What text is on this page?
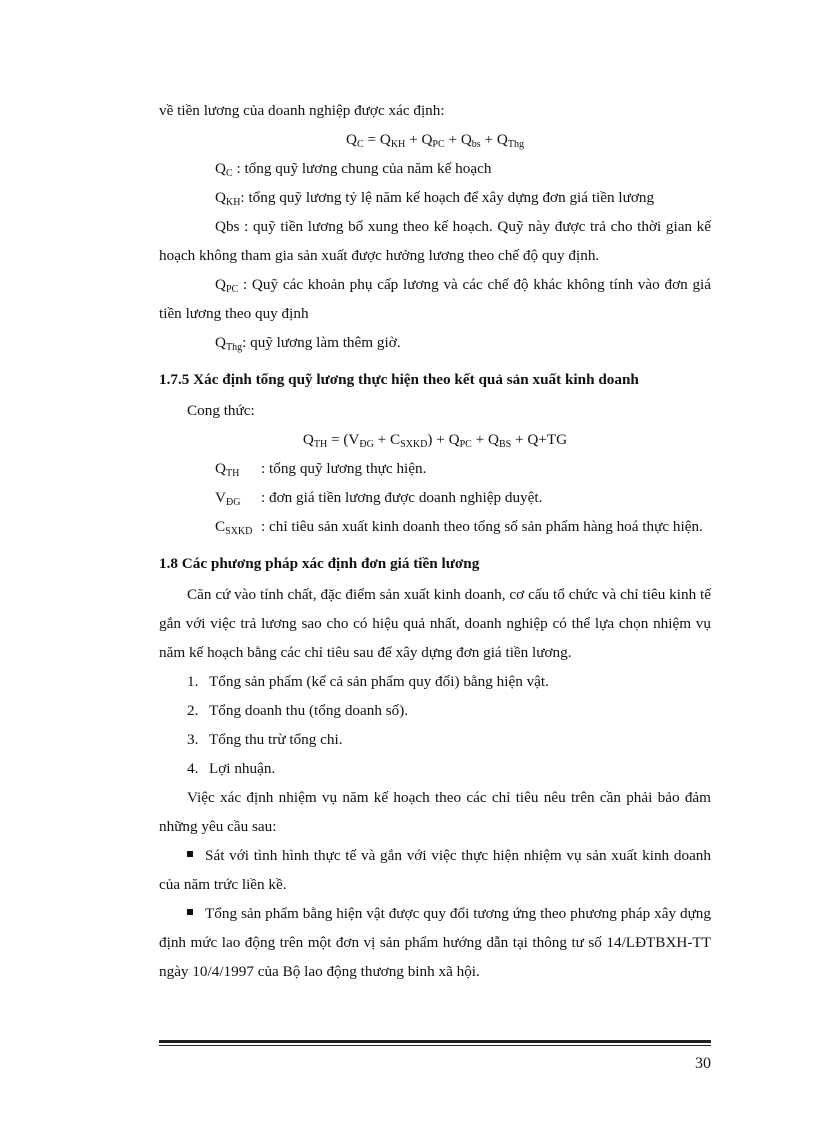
về tiền lương của doanh nghiệp được xác định:

$Q_C = Q_{KH} + Q_{PC} + Q_{bs} + Q_{Thg}$

$Q_C$ : tổng quỹ lương chung của năm kế hoạch

$Q_{KH}$: tổng quỹ lương tỷ lệ năm kế hoạch để xây dựng đơn giá tiền lương

Qbs : quỹ tiền lương bổ xung theo kế hoạch. Quỹ này được trả cho thời gian kế hoạch không tham gia sản xuất được hưởng lương theo chế độ quy định.

$Q_{PC}$ : Quỹ các khoản phụ cấp lương và các chế độ khác không tính vào đơn giá tiền lương theo quy định

$Q_{Thg}$: quỹ lương làm thêm giờ.

1.7.5 Xác định tổng quỹ lương thực hiện theo kết quả sản xuất kinh doanh

Cong thức:

$Q_{TH} = (V_{ĐG} + C_{SXKD}) + Q_{PC} + Q_{BS} + Q+TG$

$Q_{TH}$ : tổng quỹ lương thực hiện.

$V_{ĐG}$ : đơn giá tiền lương được doanh nghiệp duyệt.

$C_{SXKD}$ : chỉ tiêu sản xuất kinh doanh theo tổng số sản phẩm hàng hoá thực hiện.

1.8 Các phương pháp xác định đơn giá tiền lương

Căn cứ vào tính chất, đặc điểm sản xuất kinh doanh, cơ cấu tổ chức và chỉ tiêu kinh tế gắn với việc trả lương sao cho có hiệu quả nhất, doanh nghiệp có thể lựa chọn nhiệm vụ năm kế hoạch bằng các chỉ tiêu sau để xây dựng đơn giá tiền lương.

1. Tổng sản phẩm (kể cả sản phẩm quy đổi) bằng hiện vật.

2. Tổng doanh thu (tổng doanh số).

3. Tổng thu trừ tổng chi.

4. Lợi nhuận.

Việc xác định nhiệm vụ năm kế hoạch theo các chỉ tiêu nêu trên cần phải bảo đảm những yêu cầu sau:

Sát với tình hình thực tế và gắn với việc thực hiện nhiệm vụ sản xuất kinh doanh của năm trức liền kề.

Tổng sản phẩm bằng hiện vật được quy đổi tương ứng theo phương pháp xây dựng định mức lao động trên một đơn vị sản phẩm hướng dẫn tại thông tư số 14/LĐTBXH-TT ngày 10/4/1997 của Bộ lao động thương binh xã hội.

30
